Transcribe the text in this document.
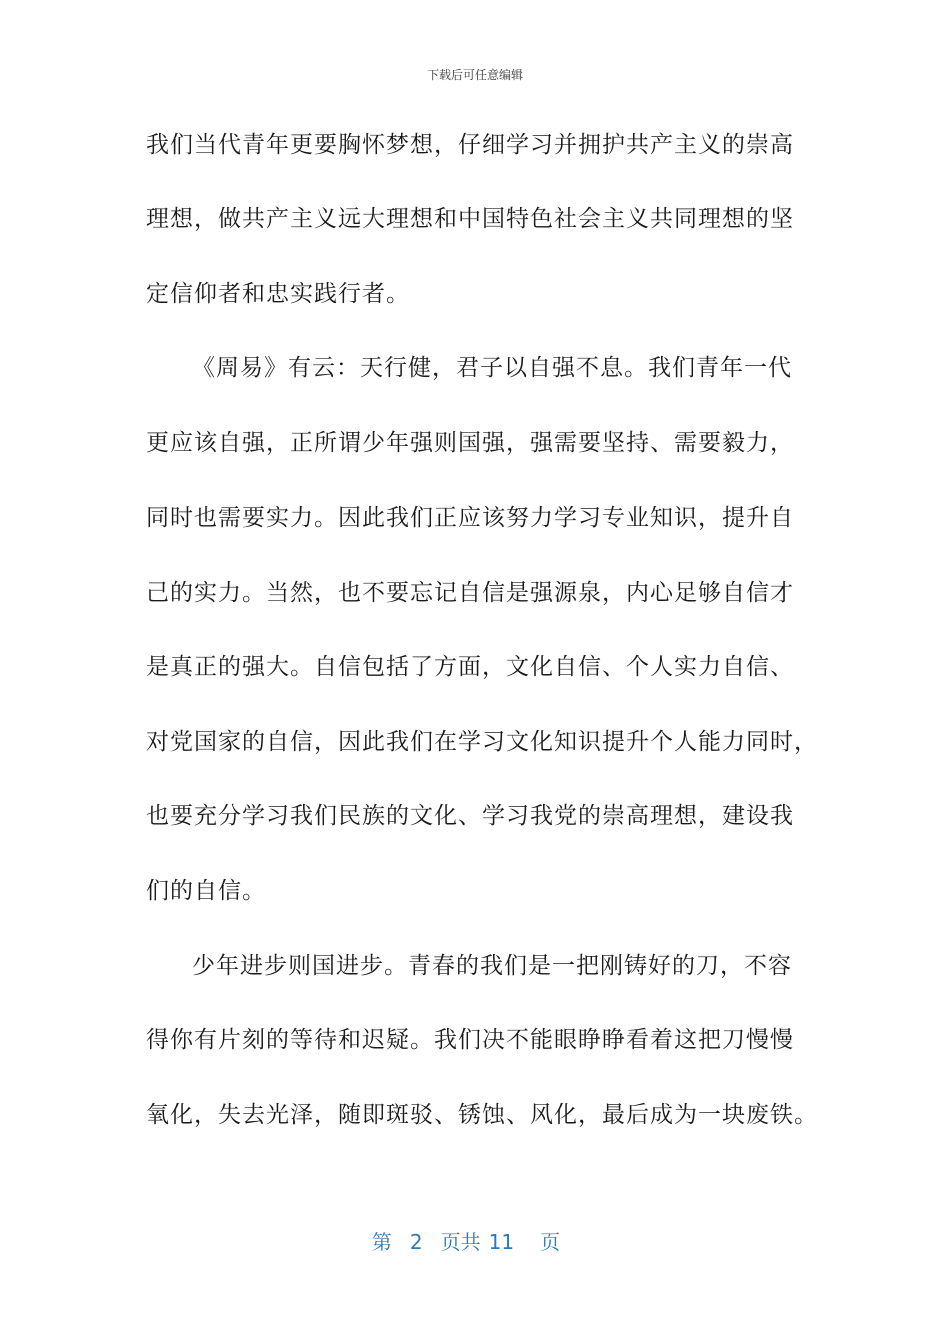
下载后可任意编辑
我们当代青年更要胸怀梦想，仔细学习并拥护共产主义的崇高
理想，做共产主义远大理想和中国特色社会主义共同理想的坚
定信仰者和忠实践行者。
《周易》有云：天行健，君子以自强不息。我们青年一代
更应该自强，正所谓少年强则国强，强需要坚持、需要毅力，
同时也需要实力。因此我们正应该努力学习专业知识，提升自
己的实力。当然，也不要忘记自信是强源泉，内心足够自信才
是真正的强大。自信包括了方面，文化自信、个人实力自信、
对党国家的自信，因此我们在学习文化知识提升个人能力同时，
也要充分学习我们民族的文化、学习我党的崇高理想，建设我
们的自信。
少年进步则国进步。青春的我们是一把刚铸好的刀，不容
得你有片刻的等待和迟疑。我们决不能眼睁睁看着这把刀慢慢
氧化，失去光泽，随即斑驳、锈蚀、风化，最后成为一块废铁。
第 2 页共 11 页
